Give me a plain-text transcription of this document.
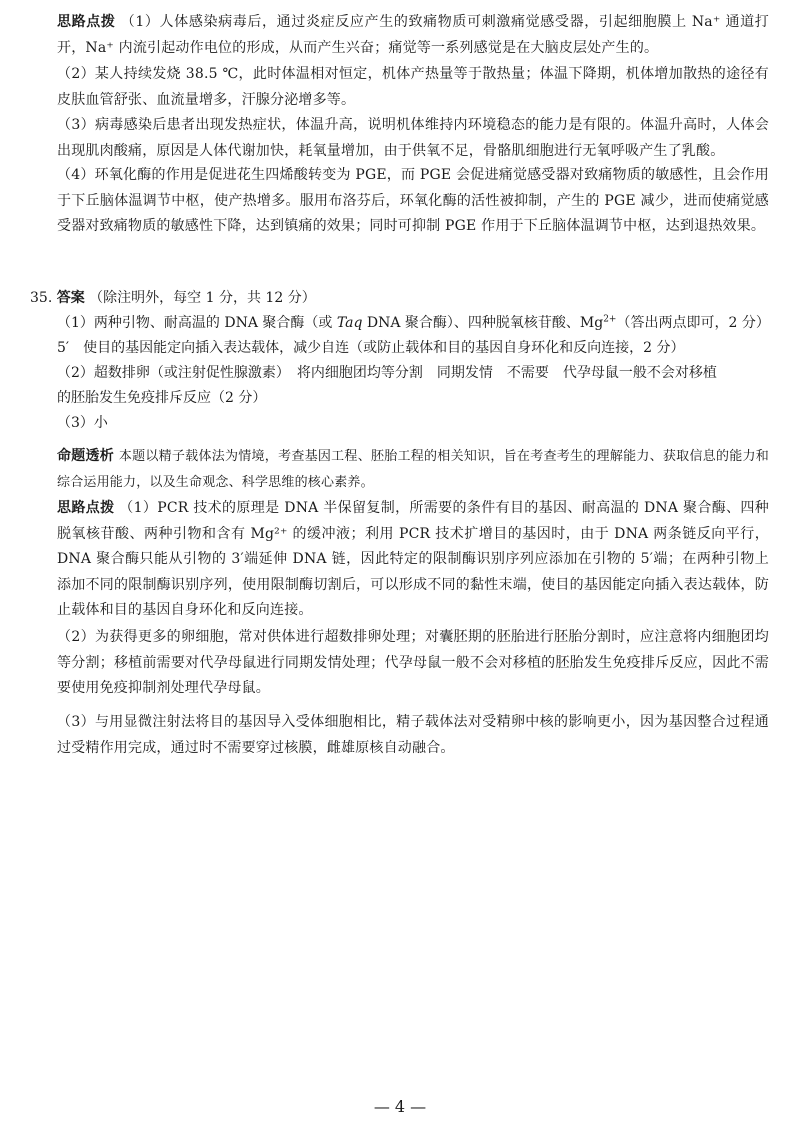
思路点拨 （1）人体感染病毒后，通过炎症反应产生的致痛物质可刺激痛觉感受器，引起细胞膜上 Na⁺ 通道打开，Na⁺ 内流引起动作电位的形成，从而产生兴奋；痛觉等一系列感觉是在大脑皮层处产生的。

（2）某人持续发烧 38.5 ℃，此时体温相对恒定，机体产热量等于散热量；体温下降期，机体增加散热的途径有皮肤血管舒张、血流量增多，汗腺分泌增多等。

（3）病毒感染后患者出现发热症状，体温升高，说明机体维持内环境稳态的能力是有限的。体温升高时，人体会出现肌肉酸痛，原因是人体代谢加快，耗氧量增加，由于供氧不足，骨骼肌细胞进行无氧呼吸产生了乳酸。

（4）环氧化酶的作用是促进花生四烯酸转变为 PGE，而 PGE 会促进痛觉感受器对致痛物质的敏感性，且会作用于下丘脑体温调节中枢，使产热增多。服用布洛芬后，环氧化酶的活性被抑制，产生的 PGE 减少，进而使痛觉感受器对致痛物质的敏感性下降，达到镇痛的效果；同时可抑制 PGE 作用于下丘脑体温调节中枢，达到退热效果。

35. 答案 （除注明外，每空 1 分，共 12 分）

（1）两种引物、耐高温的 DNA 聚合酶（或 Taq DNA 聚合酶）、四种脱氧核苷酸、$Mg^{2+}$（答出两点即可，2 分）

5′　使目的基因能定向插入表达载体，减少自连（或防止载体和目的基因自身环化和反向连接，2 分）

（2）超数排卵（或注射促性腺激素）　将内细胞团均等分割　同期发情　不需要　代孕母鼠一般不会对移植

的胚胎发生免疫排斥反应（2 分）

（3）小

命题透析 本题以精子载体法为情境，考查基因工程、胚胎工程的相关知识，旨在考查考生的理解能力、获取信息的能力和综合运用能力，以及生命观念、科学思维的核心素养。

思路点拨 （1）PCR 技术的原理是 DNA 半保留复制，所需要的条件有目的基因、耐高温的 DNA 聚合酶、四种脱氧核苷酸、两种引物和含有 Mg²⁺ 的缓冲液；利用 PCR 技术扩增目的基因时，由于 DNA 两条链反向平行，DNA 聚合酶只能从引物的 3′端延伸 DNA 链，因此特定的限制酶识别序列应添加在引物的 5′端；在两种引物上添加不同的限制酶识别序列，使用限制酶切割后，可以形成不同的黏性末端，使目的基因能定向插入表达载体，防止载体和目的基因自身环化和反向连接。

（2）为获得更多的卵细胞，常对供体进行超数排卵处理；对囊胚期的胚胎进行胚胎分割时，应注意将内细胞团均等分割；移植前需要对代孕母鼠进行同期发情处理；代孕母鼠一般不会对移植的胚胎发生免疫排斥反应，因此不需要使用免疫抑制剂处理代孕母鼠。

（3）与用显微注射法将目的基因导入受体细胞相比，精子载体法对受精卵中核的影响更小，因为基因整合过程通过受精作用完成，通过时不需要穿过核膜，雌雄原核自动融合。

— 4 —
